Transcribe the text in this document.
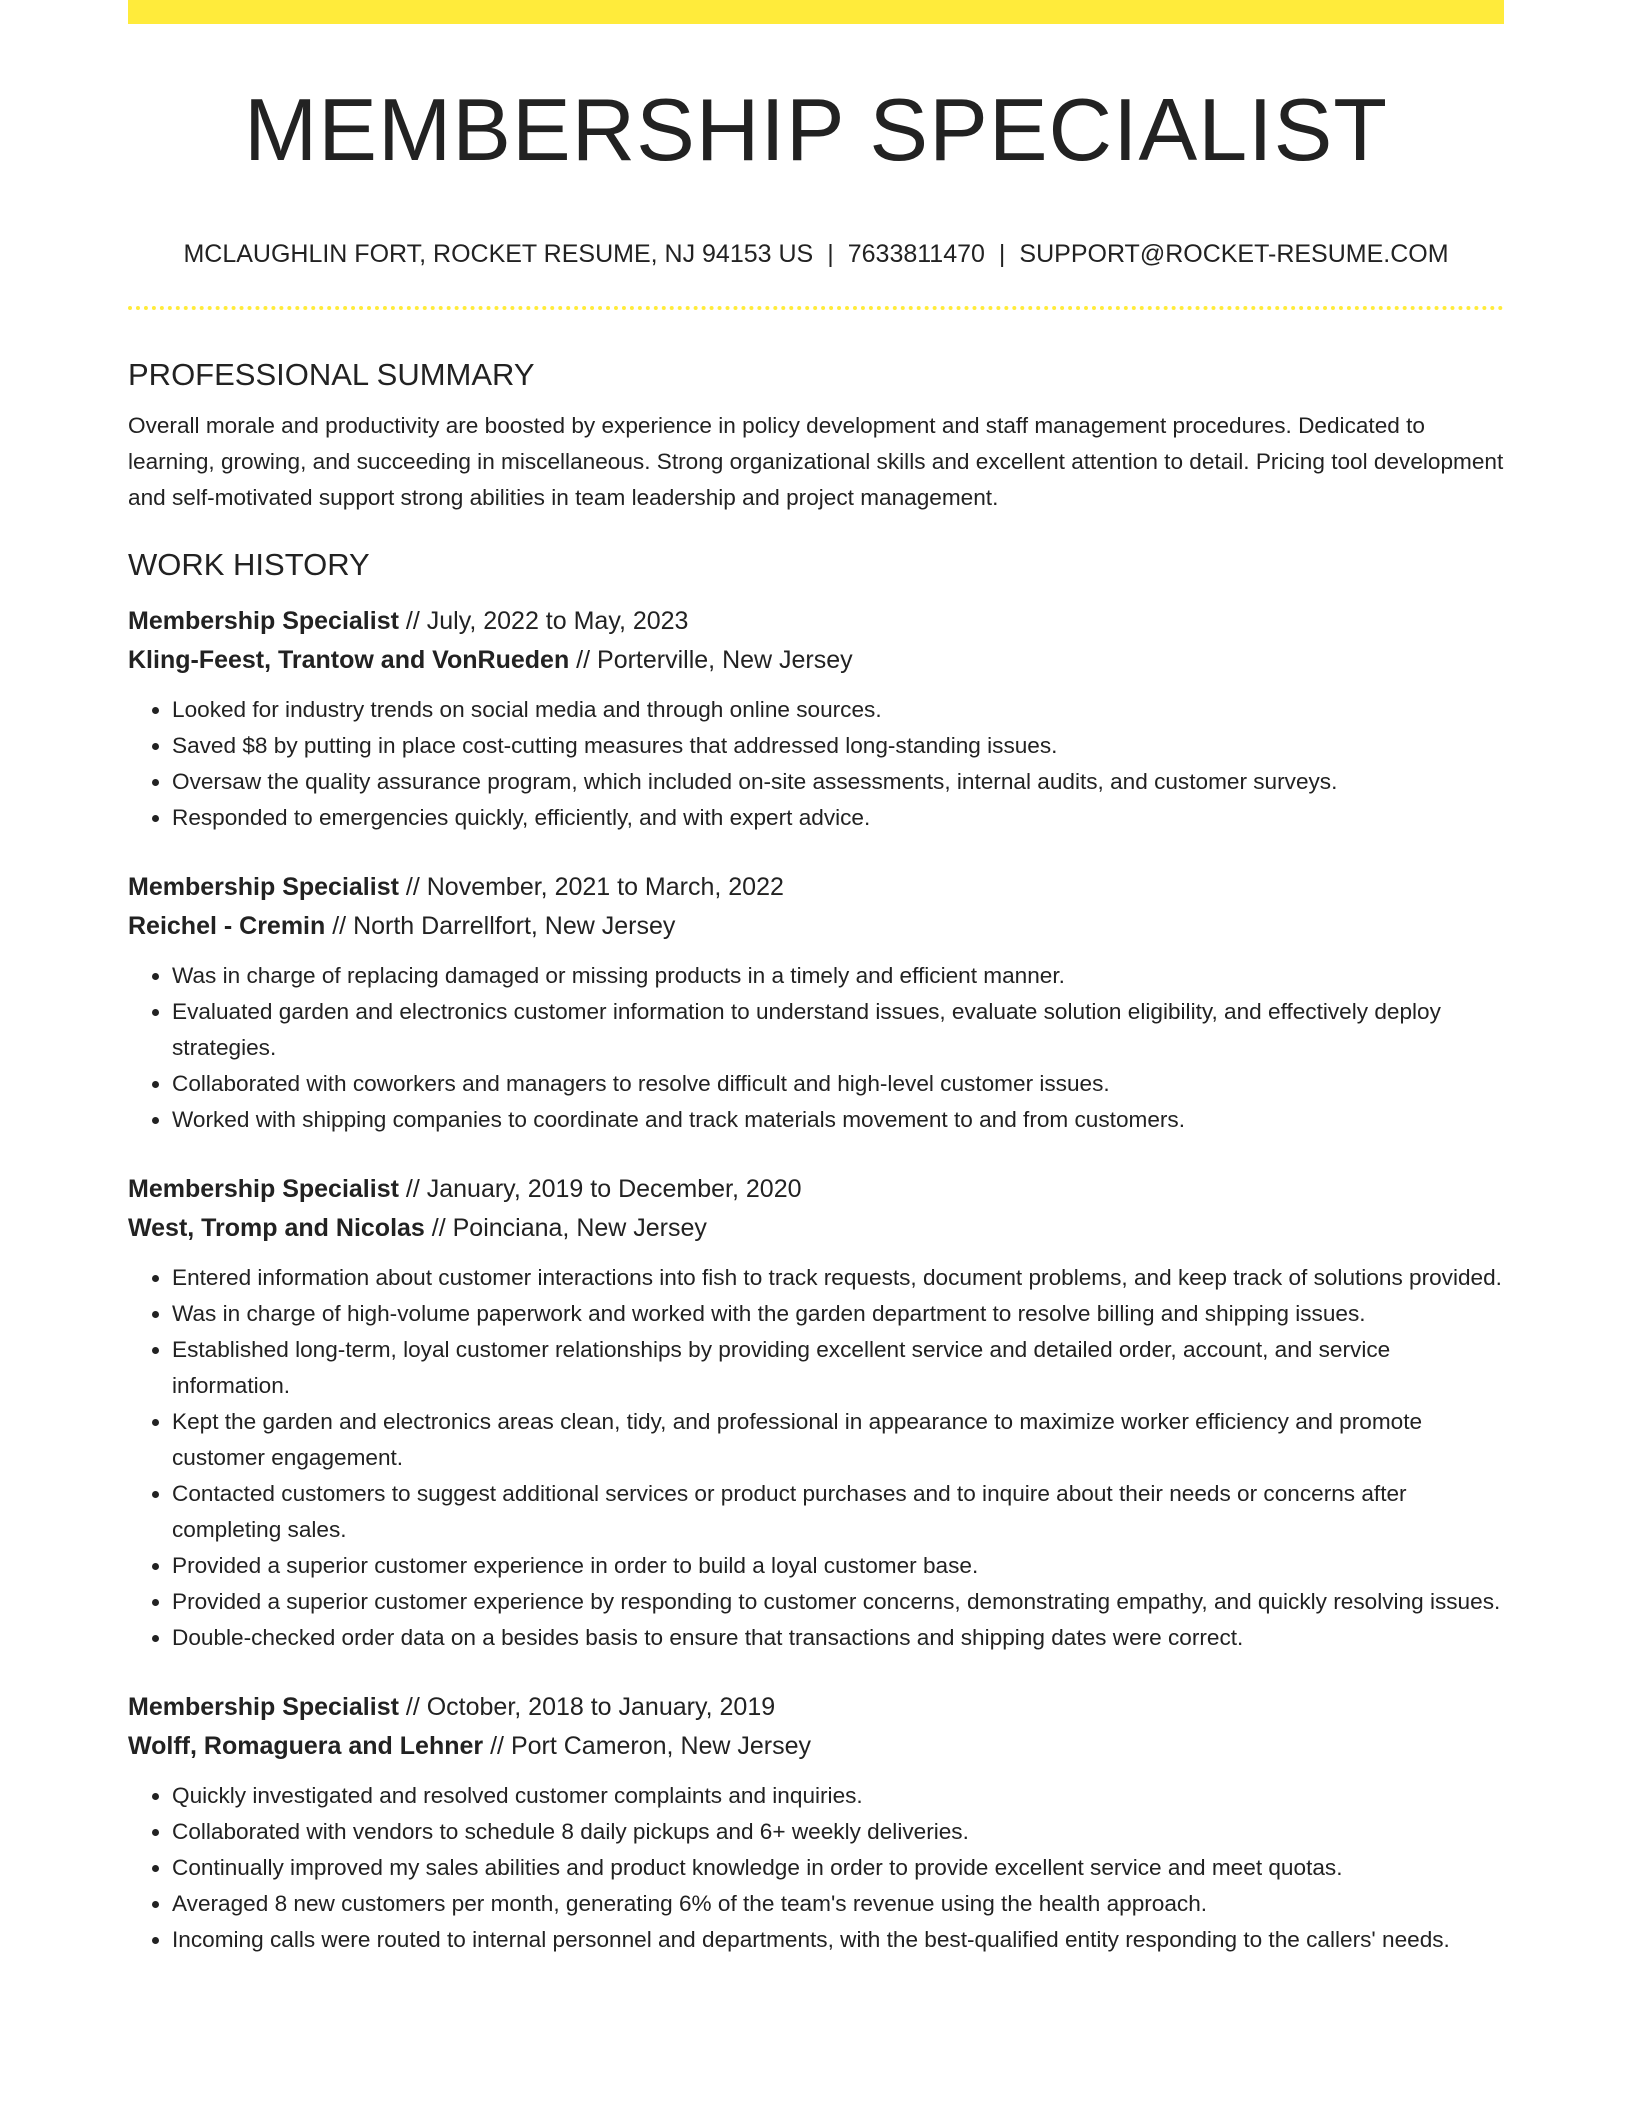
MEMBERSHIP SPECIALIST
MCLAUGHLIN FORT, ROCKET RESUME, NJ 94153 US | 7633811470 | SUPPORT@ROCKET-RESUME.COM
PROFESSIONAL SUMMARY

Overall morale and productivity are boosted by experience in policy development and staff management procedures. Dedicated to learning, growing, and succeeding in miscellaneous. Strong organizational skills and excellent attention to detail. Pricing tool development and self-motivated support strong abilities in team leadership and project management.

WORK HISTORY
Membership Specialist // July, 2022 to May, 2023
Kling-Feest, Trantow and VonRueden // Porterville, New Jersey
• Looked for industry trends on social media and through online sources.
• Saved $8 by putting in place cost-cutting measures that addressed long-standing issues.
• Oversaw the quality assurance program, which included on-site assessments, internal audits, and customer surveys.
• Responded to emergencies quickly, efficiently, and with expert advice.
Membership Specialist // November, 2021 to March, 2022
Reichel - Cremin // North Darrellfort, New Jersey
• Was in charge of replacing damaged or missing products in a timely and efficient manner.
• Evaluated garden and electronics customer information to understand issues, evaluate solution eligibility, and effectively deploy strategies.
• Collaborated with coworkers and managers to resolve difficult and high-level customer issues.
• Worked with shipping companies to coordinate and track materials movement to and from customers.
Membership Specialist // January, 2019 to December, 2020
West, Tromp and Nicolas // Poinciana, New Jersey
• Entered information about customer interactions into fish to track requests, document problems, and keep track of solutions provided.
• Was in charge of high-volume paperwork and worked with the garden department to resolve billing and shipping issues.
• Established long-term, loyal customer relationships by providing excellent service and detailed order, account, and service information.
• Kept the garden and electronics areas clean, tidy, and professional in appearance to maximize worker efficiency and promote customer engagement.
• Contacted customers to suggest additional services or product purchases and to inquire about their needs or concerns after completing sales.
• Provided a superior customer experience in order to build a loyal customer base.
• Provided a superior customer experience by responding to customer concerns, demonstrating empathy, and quickly resolving issues.
• Double-checked order data on a besides basis to ensure that transactions and shipping dates were correct.
Membership Specialist // October, 2018 to January, 2019
Wolff, Romaguera and Lehner // Port Cameron, New Jersey
• Quickly investigated and resolved customer complaints and inquiries.
• Collaborated with vendors to schedule 8 daily pickups and 6+ weekly deliveries.
• Continually improved my sales abilities and product knowledge in order to provide excellent service and meet quotas.
• Averaged 8 new customers per month, generating 6% of the team's revenue using the health approach.
• Incoming calls were routed to internal personnel and departments, with the best-qualified entity responding to the callers' needs.
